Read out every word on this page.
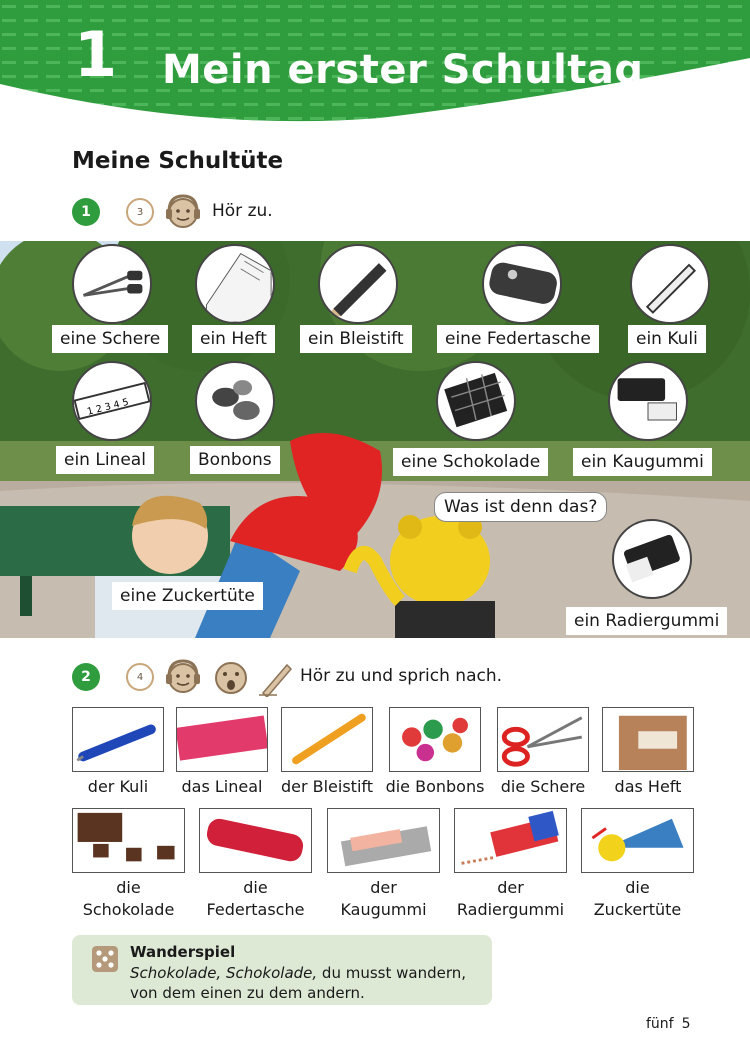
1 Mein erster Schultag
Meine Schultüte
1	3	Hör zu.
1 2 3 4 5
eine Schere	ein Heft	ein Bleistift	eine Federtasche	ein Kuli
ein Lineal	Bonbons	eine Schokolade	ein Kaugummi
eine Zuckertüte
ein Radiergummi
Was ist denn das?
2	4	Hör zu und sprich nach.
der Kuli	das Lineal	der Bleistift die Bonbons die Schere	das Heft
die
Schokolade
die
Federtasche
der
Kaugummi
der
Radiergummi
die
Zuckertüte
Wanderspiel
Schokolade, Schokolade, du musst wandern,
von dem einen zu dem andern.
fünf 5
